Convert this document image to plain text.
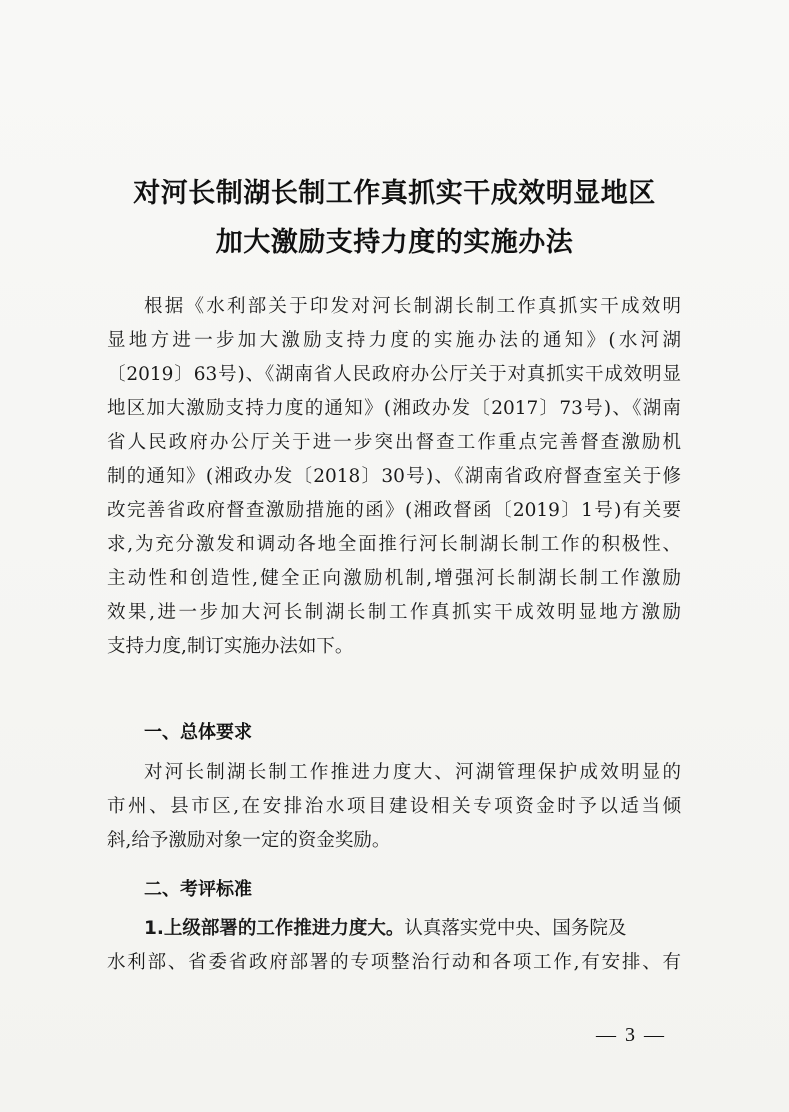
对河长制湖长制工作真抓实干成效明显地区
加大激励支持力度的实施办法
根据《水利部关于印发对河长制湖长制工作真抓实干成效明
显地方进一步加大激励支持力度的实施办法的通知》(水河湖
〔2019〕63号)、《湖南省人民政府办公厅关于对真抓实干成效明显
地区加大激励支持力度的通知》(湘政办发〔2017〕73号)、《湖南
省人民政府办公厅关于进一步突出督查工作重点完善督查激励机
制的通知》(湘政办发〔2018〕30号)、《湖南省政府督查室关于修
改完善省政府督查激励措施的函》(湘政督函〔2019〕1号)有关要
求,为充分激发和调动各地全面推行河长制湖长制工作的积极性、
主动性和创造性,健全正向激励机制,增强河长制湖长制工作激励
效果,进一步加大河长制湖长制工作真抓实干成效明显地方激励
支持力度,制订实施办法如下。
一、总体要求
对河长制湖长制工作推进力度大、河湖管理保护成效明显的
市州、县市区,在安排治水项目建设相关专项资金时予以适当倾
斜,给予激励对象一定的资金奖励。
二、考评标准
1.上级部署的工作推进力度大。认真落实党中央、国务院及
水利部、省委省政府部署的专项整治行动和各项工作,有安排、有
— 3 —
